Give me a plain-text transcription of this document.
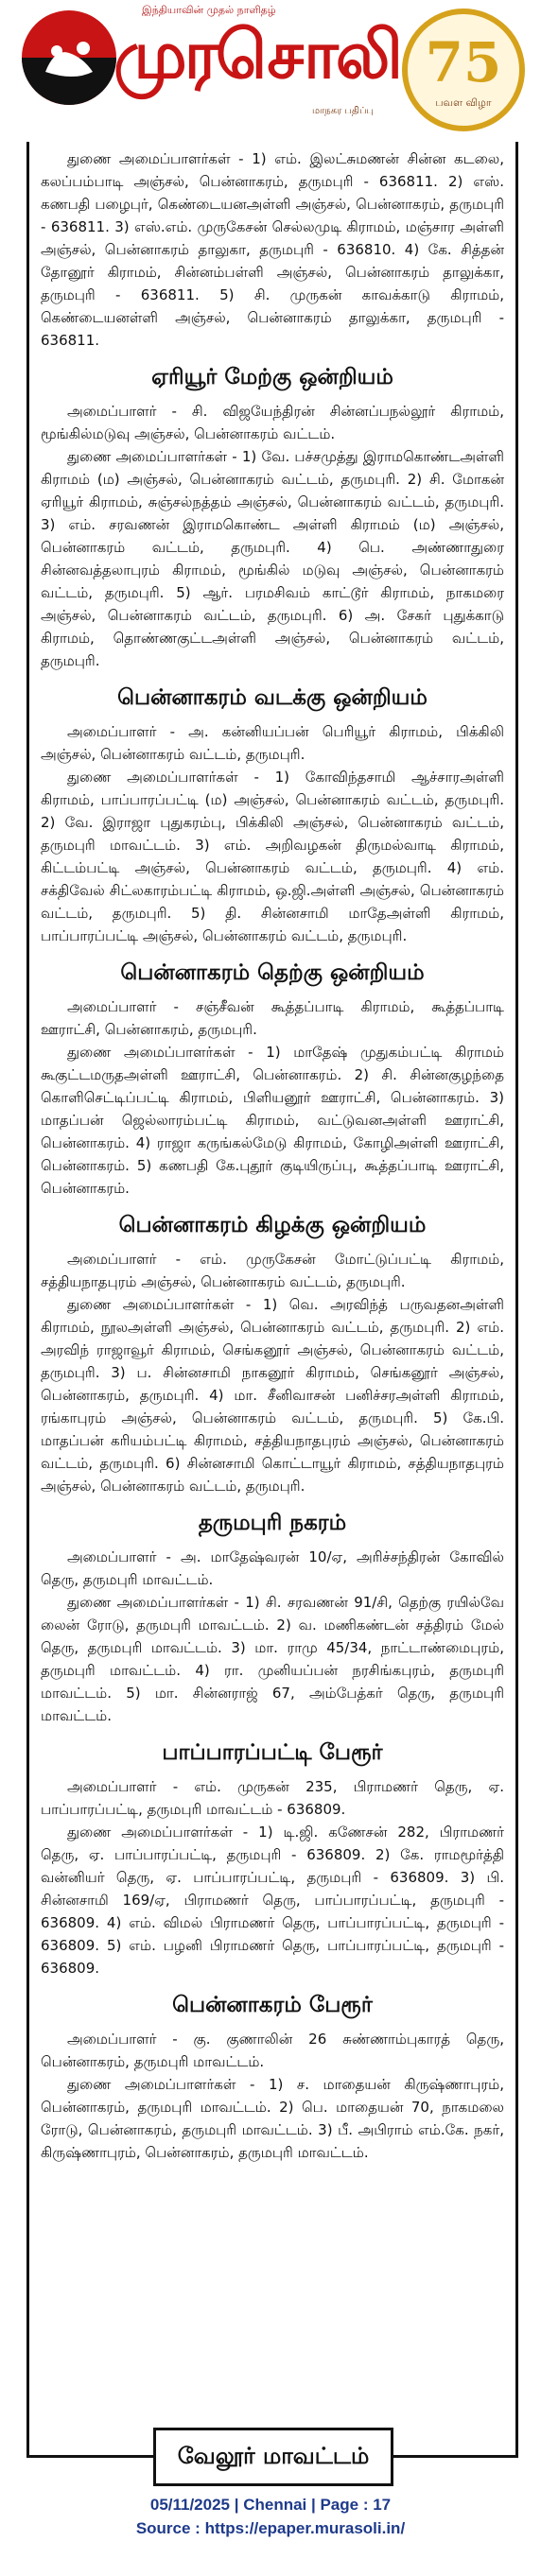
இந்தியாவின் முதல் நாளிதழ்
முரசொலி
மாநகர பதிப்பு
75
பவள விழா

துணை அமைப்பாளர்கள் - 1) எம். இலட்சுமணன் சின்ன கடலை, கலப்பம்பாடி அஞ்சல், பென்னாகரம், தருமபுரி - 636811. 2) எஸ். கணபதி பழைபுர், கெண்டையனஅள்ளி அஞ்சல், பென்னாகரம், தருமபுரி - 636811. 3) எஸ்.எம். முருகேசன் செல்லமுடி கிராமம், மஞ்சார அள்ளி அஞ்சல், பென்னாகரம் தாலுகா, தருமபுரி - 636810. 4) கே. சித்தன் தோனூர் கிராமம், சின்னம்பள்ளி அஞ்சல், பென்னாகரம் தாலுக்கா, தருமபுரி - 636811. 5) சி. முருகன் காவக்காடு கிராமம், கெண்டையனள்ளி அஞ்சல், பென்னாகரம் தாலுக்கா, தருமபுரி - 636811.

ஏரியூர் மேற்கு ஒன்றியம்

அமைப்பாளர் - சி. விஜயேந்திரன் சின்னப்பநல்லூர் கிராமம், மூங்கில்மடுவு அஞ்சல், பென்னாகரம் வட்டம்.

துணை அமைப்பாளர்கள் - 1) வே. பச்சமுத்து இராமகொண்டஅள்ளி கிராமம் (ம) அஞ்சல், பென்னாகரம் வட்டம், தருமபுரி. 2) சி. மோகன் ஏரியூர் கிராமம், சுஞ்சல்நத்தம் அஞ்சல், பென்னாகரம் வட்டம், தருமபுரி. 3) எம். சரவணன் இராமகொண்ட அள்ளி கிராமம் (ம) அஞ்சல், பென்னாகரம் வட்டம், தருமபுரி. 4) பெ. அண்ணாதுரை சின்னவத்தலாபுரம் கிராமம், மூங்கில் மடுவு அஞ்சல், பென்னாகரம் வட்டம், தருமபுரி. 5) ஆர். பரமசிவம் காட்டூர் கிராமம், நாகமரை அஞ்சல், பென்னாகரம் வட்டம், தருமபுரி. 6) அ. சேகர் புதுக்காடு கிராமம், தொண்ணகுட்டஅள்ளி அஞ்சல், பென்னாகரம் வட்டம், தருமபுரி.

பென்னாகரம் வடக்கு ஒன்றியம்

அமைப்பாளர் - அ. கன்னியப்பன் பெரியூர் கிராமம், பிக்கிலி அஞ்சல், பென்னாகரம் வட்டம், தருமபுரி.

துணை அமைப்பாளர்கள் - 1) கோவிந்தசாமி ஆச்சாரஅள்ளி கிராமம், பாப்பாரப்பட்டி (ம) அஞ்சல், பென்னாகரம் வட்டம், தருமபுரி. 2) வே. இராஜா புதுகரம்பு, பிக்கிலி அஞ்சல், பென்னாகரம் வட்டம், தருமபுரி மாவட்டம். 3) எம். அறிவழகன் திருமல்வாடி கிராமம், கிட்டம்பட்டி அஞ்சல், பென்னாகரம் வட்டம், தருமபுரி. 4) எம். சக்திவேல் சிட்லகாரம்பட்டி கிராமம், ஒ.ஜி.அள்ளி அஞ்சல், பென்னாகரம் வட்டம், தருமபுரி. 5) தி. சின்னசாமி மாதேஅள்ளி கிராமம், பாப்பாரப்பட்டி அஞ்சல், பென்னாகரம் வட்டம், தருமபுரி.

பென்னாகரம் தெற்கு ஒன்றியம்

அமைப்பாளர் - சஞ்சீவன் கூத்தப்பாடி கிராமம், கூத்தப்பாடி ஊராட்சி, பென்னாகரம், தருமபுரி.

துணை அமைப்பாளர்கள் - 1) மாதேஷ் முதுகம்பட்டி கிராமம் கூகுட்டமருதஅள்ளி ஊராட்சி, பென்னாகரம். 2) சி. சின்னகுழந்தை கொளிசெட்டிப்பட்டி கிராமம், பிளியனூர் ஊராட்சி, பென்னாகரம். 3) மாதப்பன் ஜெல்லாரம்பட்டி கிராமம், வட்டுவனஅள்ளி ஊராட்சி, பென்னாகரம். 4) ராஜா கருங்கல்மேடு கிராமம், கோழிஅள்ளி ஊராட்சி, பென்னாகரம். 5) கணபதி கே.புதூர் குடியிருப்பு, கூத்தப்பாடி ஊராட்சி, பென்னாகரம்.

பென்னாகரம் கிழக்கு ஒன்றியம்

அமைப்பாளர் - எம். முருகேசன் மோட்டுப்பட்டி கிராமம், சத்தியநாதபுரம் அஞ்சல், பென்னாகரம் வட்டம், தருமபுரி.

துணை அமைப்பாளர்கள் - 1) வெ. அரவிந்த் பருவதனஅள்ளி கிராமம், நூலஅள்ளி அஞ்சல், பென்னாகரம் வட்டம், தருமபுரி. 2) எம். அரவிந் ராஜாவூர் கிராமம், செங்கனூர் அஞ்சல், பென்னாகரம் வட்டம், தருமபுரி. 3) ப. சின்னசாமி நாகனூர் கிராமம், செங்கனூர் அஞ்சல், பென்னாகரம், தருமபுரி. 4) மா. சீனிவாசன் பனிச்சரஅள்ளி கிராமம், ரங்காபுரம் அஞ்சல், பென்னாகரம் வட்டம், தருமபுரி. 5) கே.பி. மாதப்பன் கரியம்பட்டி கிராமம், சத்தியநாதபுரம் அஞ்சல், பென்னாகரம் வட்டம், தருமபுரி. 6) சின்னசாமி கொட்டாயூர் கிராமம், சத்தியநாதபுரம் அஞ்சல், பென்னாகரம் வட்டம், தருமபுரி.

தருமபுரி நகரம்

அமைப்பாளர் - அ. மாதேஷ்வரன் 10/ஏ, அரிச்சந்திரன் கோவில் தெரு, தருமபுரி மாவட்டம்.

துணை அமைப்பாளர்கள் - 1) சி. சரவணன் 91/சி, தெற்கு ரயில்வே லைன் ரோடு, தருமபுரி மாவட்டம். 2) வ. மணிகண்டன் சத்திரம் மேல் தெரு, தருமபுரி மாவட்டம். 3) மா. ராமு 45/34, நாட்டாண்மைபுரம், தருமபுரி மாவட்டம். 4) ரா. முனியப்பன் நரசிங்கபுரம், தருமபுரி மாவட்டம். 5) மா. சின்னராஜ் 67, அம்பேத்கர் தெரு, தருமபுரி மாவட்டம்.

பாப்பாரப்பட்டி பேரூர்

அமைப்பாளர் - எம். முருகன் 235, பிராமணர் தெரு, ஏ. பாப்பாரப்பட்டி, தருமபுரி மாவட்டம் - 636809.

துணை அமைப்பாளர்கள் - 1) டி.ஜி. கணேசன் 282, பிராமணர் தெரு, ஏ. பாப்பாரப்பட்டி, தருமபுரி - 636809. 2) கே. ராமமூர்த்தி வன்னியர் தெரு, ஏ. பாப்பாரப்பட்டி, தருமபுரி - 636809. 3) பி. சின்னசாமி 169/ஏ, பிராமணர் தெரு, பாப்பாரப்பட்டி, தருமபுரி - 636809. 4) எம். விமல் பிராமணர் தெரு, பாப்பாரப்பட்டி, தருமபுரி - 636809. 5) எம். பழனி பிராமணர் தெரு, பாப்பாரப்பட்டி, தருமபுரி - 636809.

பென்னாகரம் பேரூர்

அமைப்பாளர் - கு. குணாலின் 26 சுண்ணாம்புகாரத் தெரு, பென்னாகரம், தருமபுரி மாவட்டம்.

துணை அமைப்பாளர்கள் - 1) ச. மாதையன் கிருஷ்ணாபுரம், பென்னாகரம், தருமபுரி மாவட்டம். 2) பெ. மாதையன் 70, நாகமலை ரோடு, பென்னாகரம், தருமபுரி மாவட்டம். 3) பீ. அபிராம் எம்.கே. நகர், கிருஷ்ணாபுரம், பென்னாகரம், தருமபுரி மாவட்டம்.

வேலூர் மாவட்டம்
05/11/2025 | Chennai | Page : 17
Source : https://epaper.murasoli.in/
